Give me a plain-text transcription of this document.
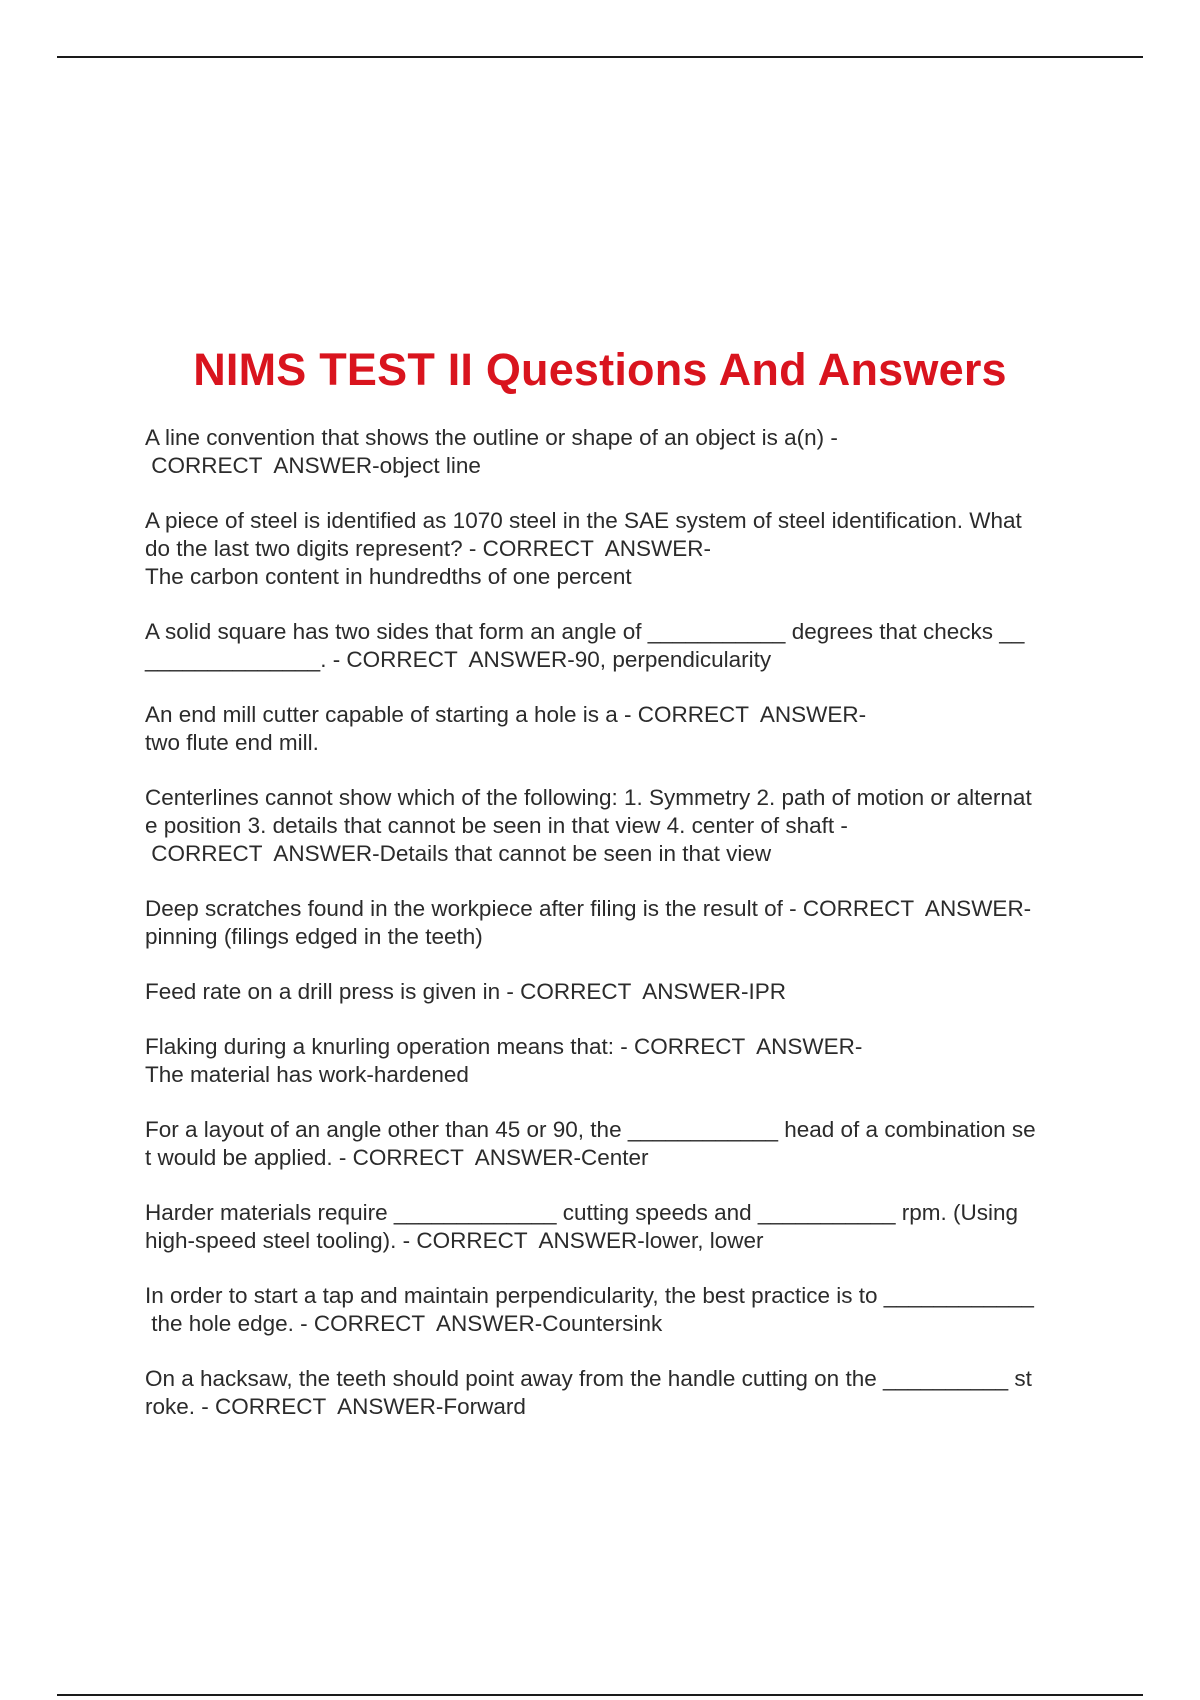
NIMS TEST II Questions And Answers
A line convention that shows the outline or shape of an object is a(n) -
CORRECT  ANSWER-object line
A piece of steel is identified as 1070 steel in the SAE system of steel identification. What
do the last two digits represent? - CORRECT  ANSWER-
The carbon content in hundredths of one percent
A solid square has two sides that form an angle of ___________ degrees that checks __
______________. - CORRECT  ANSWER-90, perpendicularity
An end mill cutter capable of starting a hole is a - CORRECT  ANSWER-
two flute end mill.
Centerlines cannot show which of the following: 1. Symmetry 2. path of motion or alternat
e position 3. details that cannot be seen in that view 4. center of shaft -
CORRECT  ANSWER-Details that cannot be seen in that view
Deep scratches found in the workpiece after filing is the result of - CORRECT  ANSWER-
pinning (filings edged in the teeth)
Feed rate on a drill press is given in - CORRECT  ANSWER-IPR
Flaking during a knurling operation means that: - CORRECT  ANSWER-
The material has work-hardened
For a layout of an angle other than 45 or 90, the ____________ head of a combination se
t would be applied. - CORRECT  ANSWER-Center
Harder materials require _____________ cutting speeds and ___________ rpm. (Using
high-speed steel tooling). - CORRECT  ANSWER-lower, lower
In order to start a tap and maintain perpendicularity, the best practice is to ____________
the hole edge. - CORRECT  ANSWER-Countersink
On a hacksaw, the teeth should point away from the handle cutting on the __________ st
roke. - CORRECT  ANSWER-Forward
